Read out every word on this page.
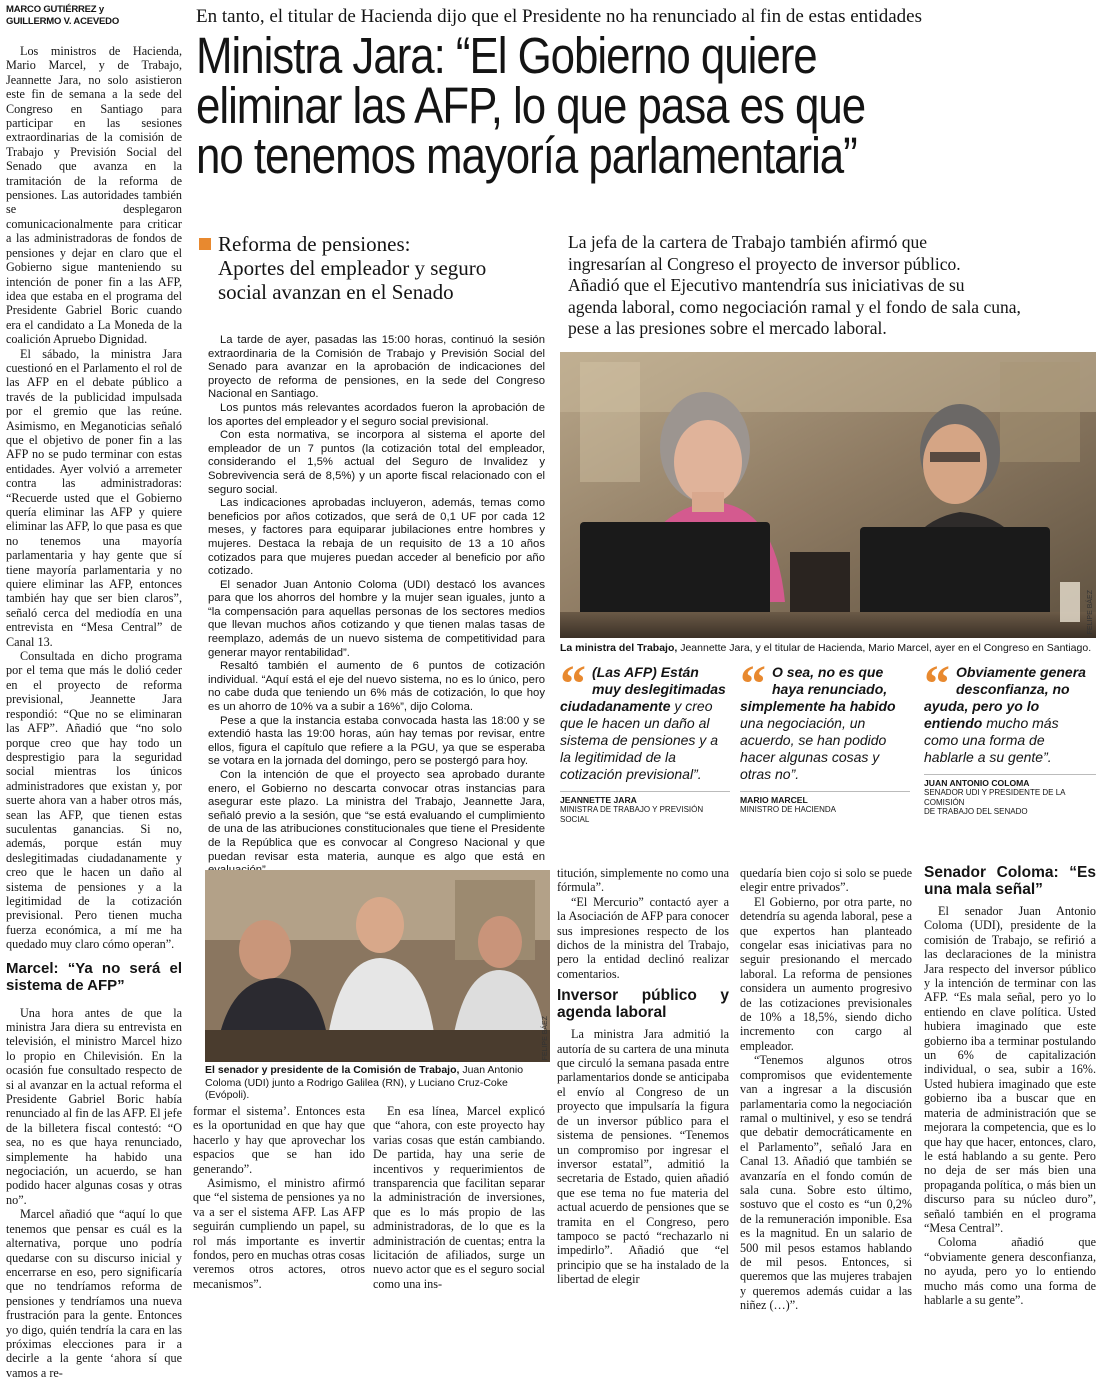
MARCO GUTIÉRREZ y
GUILLERMO V. ACEVEDO	En tanto, el titular de Hacienda dijo que el Presidente no ha renunciado al fin de estas entidades
Ministra Jara: “El Gobierno quiere
eliminar las AFP, lo que pasa es que
no tenemos mayoría parlamentaria”

Los ministros de Hacienda, Mario Marcel, y de Trabajo, Jeannette Jara, no solo asistieron este fin de semana a la sede del Congreso en Santiago para participar en las sesiones extraordinarias de la comisión de Trabajo y Previsión Social del Senado que avanza en la tramitación de la reforma de pensiones. Las autoridades también se desplegaron comunicacionalmente para criticar a las administradoras de fondos de pensiones y dejar en claro que el Gobierno sigue manteniendo su intención de poner fin a las AFP, idea que estaba en el programa del Presidente Gabriel Boric cuando era el candidato a La Moneda de la coalición Apruebo Dignidad.

El sábado, la ministra Jara cuestionó en el Parlamento el rol de las AFP en el debate público a través de la publicidad impulsada por el gremio que las reúne. Asimismo, en Meganoticias señaló que el objetivo de poner fin a las AFP no se pudo terminar con estas entidades. Ayer volvió a arremeter contra las administradoras: “Recuerde usted que el Gobierno quería eliminar las AFP y quiere eliminar las AFP, lo que pasa es que no tenemos una mayoría parlamentaria y hay gente que sí tiene mayoría parlamentaria y no quiere eliminar las AFP, entonces también hay que ser bien claros”, señaló cerca del mediodía en una entrevista en “Mesa Central” de Canal 13.

Consultada en dicho programa por el tema que más le dolió ceder en el proyecto de reforma previsional, Jeannette Jara respondió: “Que no se eliminaran las AFP”. Añadió que “no solo porque creo que hay todo un desprestigio para la seguridad social mientras los únicos administradores que existan y, por suerte ahora van a haber otros más, sean las AFP, que tienen estas suculentas ganancias. Si no, además, porque están muy deslegitimadas ciudadanamente y creo que le hacen un daño al sistema de pensiones y a la legitimidad de la cotización previsional. Pero tienen mucha fuerza económica, a mí me ha quedado muy claro cómo operan”.

Marcel: “Ya no será el sistema de AFP”

Una hora antes de que la ministra Jara diera su entrevista en televisión, el ministro Marcel hizo lo propio en Chilevisión. En la ocasión fue consultado respecto de si al avanzar en la actual reforma el Presidente Gabriel Boric había renunciado al fin de las AFP. El jefe de la billetera fiscal contestó: “O sea, no es que haya renunciado, simplemente ha habido una negociación, un acuerdo, se han podido hacer algunas cosas y otras no”.

Marcel añadió que “aquí lo que tenemos que pensar es cuál es la alternativa, porque uno podría quedarse con su discurso inicial y encerrarse en eso, pero significaría que no tendríamos reforma de pensiones y tendríamos una nueva frustración para la gente. Entonces yo digo, quién tendría la cara en las próximas elecciones para ir a decirle a la gente ‘ahora sí que vamos a re-

Reforma de pensiones:
Aportes del empleador y seguro
social avanzan en el Senado
La jefa de la cartera de Trabajo también afirmó que
ingresarían al Congreso el proyecto de inversor público.
Añadió que el Ejecutivo mantendría sus iniciativas de su
agenda laboral, como negociación ramal y el fondo de sala cuna,
pese a las presiones sobre el mercado laboral.

La tarde de ayer, pasadas las 15:00 horas, continuó la sesión extraordinaria de la Comisión de Trabajo y Previsión Social del Senado para avanzar en la aprobación de indicaciones del proyecto de reforma de pensiones, en la sede del Congreso Nacional en Santiago.

Los puntos más relevantes acordados fueron la aprobación de los aportes del empleador y el seguro social previsional.

Con esta normativa, se incorpora al sistema el aporte del empleador de un 7 puntos (la cotización total del empleador, considerando el 1,5% actual del Seguro de Invalidez y Sobrevivencia será de 8,5%) y un aporte fiscal relacionado con el seguro social.

Las indicaciones aprobadas incluyeron, además, temas como beneficios por años cotizados, que será de 0,1 UF por cada 12 meses, y factores para equiparar jubilaciones entre hombres y mujeres. Destaca la rebaja de un requisito de 13 a 10 años cotizados para que mujeres puedan acceder al beneficio por año cotizado.

El senador Juan Antonio Coloma (UDI) destacó los avances para que los ahorros del hombre y la mujer sean iguales, junto a “la compensación para aquellas personas de los sectores medios que llevan muchos años cotizando y que tienen malas tasas de reemplazo, además de un nuevo sistema de competitividad para generar mayor rentabilidad”.

Resaltó también el aumento de 6 puntos de cotización individual. “Aquí está el eje del nuevo sistema, no es lo único, pero no cabe duda que teniendo un 6% más de cotización, lo que hoy es un ahorro de 10% va a subir a 16%”, dijo Coloma.

Pese a que la instancia estaba convocada hasta las 18:00 y se extendió hasta las 19:00 horas, aún hay temas por revisar, entre ellos, figura el capítulo que refiere a la PGU, ya que se esperaba se votara en la jornada del domingo, pero se postergó para hoy.

Con la intención de que el proyecto sea aprobado durante enero, el Gobierno no descarta convocar otras instancias para asegurar este plazo. La ministra del Trabajo, Jeannette Jara, señaló previo a la sesión, que “se está evaluando el cumplimiento de una de las atribuciones constitucionales que tiene el Presidente de la República que es convocar al Congreso Nacional y que puedan revisar esta materia, aunque es algo que está en

FELIPE BÁEZ
La ministra del Trabajo, Jeannette Jara, y el titular de Hacienda, Mario Marcel, ayer en el Congreso en Santiago.
“ (Las AFP) Están muy deslegitimadas ciudadanamente y creo que le hacen un daño al sistema de pensiones y a la legitimidad de la cotización previsional”.
JEANNETTE JARA
MINISTRA DE TRABAJO Y PREVISIÓN SOCIAL
“ O sea, no es que haya renunciado, simplemente ha habido una negociación, un acuerdo, se han podido hacer algunas cosas y otras no”.
MARIO MARCEL
MINISTRO DE HACIENDA
“ Obviamente genera desconfianza, no ayuda, pero yo lo entiendo mucho más como una forma de hablarle a su gente”.
JUAN ANTONIO COLOMA
SENADOR UDI Y PRESIDENTE DE LA COMISIÓN
DE TRABAJO DEL SENADO
FELIPE BÁEZ
El senador y presidente de la Comisión de Trabajo, Juan Antonio Coloma (UDI) junto a Rodrigo Galilea (RN), y Luciano Cruz-Coke (Evópoli).

formar el sistema’. Entonces esta es la oportunidad en que hay que hacerlo y hay que aprovechar los espacios que se han ido generando”.

Asimismo, el ministro afirmó que “el sistema de pensiones ya no va a ser el sistema AFP. Las AFP seguirán cumpliendo un papel, su rol más importante es invertir fondos, pero en muchas otras cosas veremos otros actores, otros mecanismos”.

En esa línea, Marcel explicó que “ahora, con este proyecto hay varias cosas que están cambiando. De partida, hay una serie de incentivos y requerimientos de transparencia que facilitan separar la administración de inversiones, que es lo más propio de las administradoras, de lo que es la administración de cuentas; entra la licitación de afiliados, surge un nuevo actor que es el seguro social como una ins-

titución, simplemente no como una fórmula”.

“El Mercurio” contactó ayer a la Asociación de AFP para conocer sus impresiones respecto de los dichos de la ministra del Trabajo, pero la entidad declinó realizar comentarios.

Inversor público y agenda laboral

La ministra Jara admitió la autoría de su cartera de una minuta que circuló la semana pasada entre parlamentarios donde se anticipaba el envío al Congreso de un proyecto que impulsaría la figura de un inversor público para el sistema de pensiones. “Tenemos un compromiso por ingresar el inversor estatal”, admitió la secretaria de Estado, quien añadió que ese tema no fue materia del actual acuerdo de pensiones que se tramita en el Congreso, pero tampoco se pactó “rechazarlo ni impedirlo”. Añadió que “el principio que se ha instalado de la libertad de elegir

quedaría bien cojo si solo se puede elegir entre privados”.

El Gobierno, por otra parte, no detendría su agenda laboral, pese a que expertos han planteado congelar esas iniciativas para no seguir presionando el mercado laboral. La reforma de pensiones considera un aumento progresivo de las cotizaciones previsionales de 10% a 18,5%, siendo dicho incremento con cargo al empleador.

“Tenemos algunos otros compromisos que evidentemente van a ingresar a la discusión parlamentaria como la negociación ramal o multinivel, y eso se tendrá que debatir democráticamente en el Parlamento”, señaló Jara en Canal 13. Añadió que también se avanzaría en el fondo común de sala cuna. Sobre esto último, sostuvo que el costo es “un 0,2% de la remuneración imponible. Esa es la magnitud. En un salario de 500 mil pesos estamos hablando de mil pesos. Entonces, si queremos que las mujeres trabajen y queremos además cuidar a las niñez (…)”.

Senador Coloma: “Es una mala señal”

El senador Juan Antonio Coloma (UDI), presidente de la comisión de Trabajo, se refirió a las declaraciones de la ministra Jara respecto del inversor público y la intención de terminar con las AFP. “Es mala señal, pero yo lo entiendo en clave política. Usted hubiera imaginado que este gobierno iba a terminar postulando un 6% de capitalización individual, o sea, subir a 16%. Usted hubiera imaginado que este gobierno iba a buscar que en materia de administración que se mejorara la competencia, que es lo que hay que hacer, entonces, claro, le está hablando a su gente. Pero no deja de ser más bien una propaganda política, o más bien un discurso para su núcleo duro”, señaló también en el programa “Mesa Central”.

Coloma añadió que “obviamente genera desconfianza, no ayuda, pero yo lo entiendo mucho más como una forma de hablarle a su gente”.
